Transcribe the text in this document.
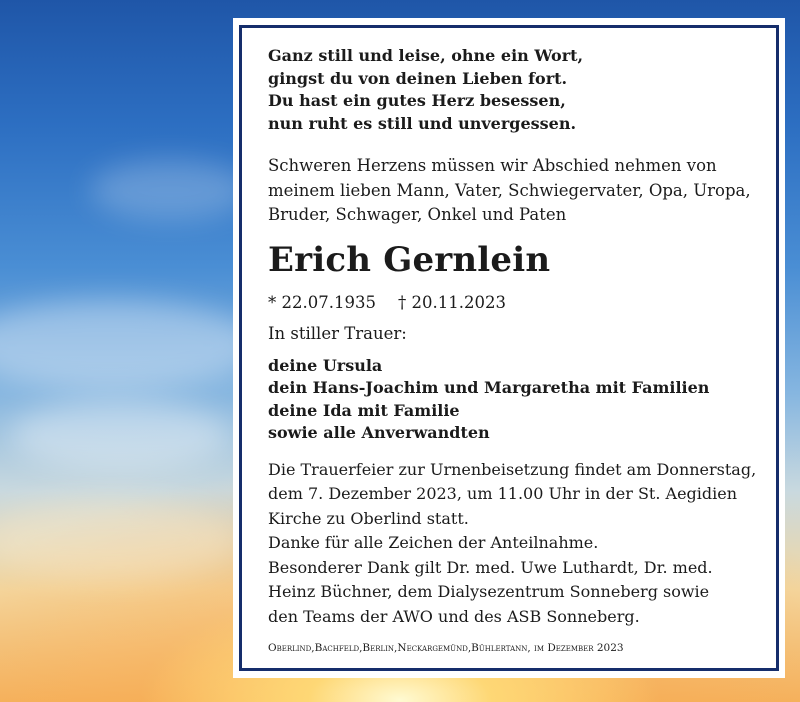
Ganz still und leise, ohne ein Wort,
gingst du von deinen Lieben fort.
Du hast ein gutes Herz besessen,
nun ruht es still und unvergessen.

Schweren Herzens müssen wir Abschied nehmen von
meinem lieben Mann, Vater, Schwiegervater, Opa, Uropa,
Bruder, Schwager, Onkel und Paten

Erich Gernlein

* 22.07.1935 † 20.11.2023

In stiller Trauer:

deine Ursula
dein Hans-Joachim und Margaretha mit Familien
deine Ida mit Familie
sowie alle Anverwandten

Die Trauerfeier zur Urnenbeisetzung findet am Donnerstag,
dem 7. Dezember 2023, um 11.00 Uhr in der St. Aegidien
Kirche zu Oberlind statt.
Danke für alle Zeichen der Anteilnahme.
Besonderer Dank gilt Dr. med. Uwe Luthardt, Dr. med.
Heinz Büchner, dem Dialysezentrum Sonneberg sowie
den Teams der AWO und des ASB Sonneberg.

Oberlind,Bachfeld,Berlin,Neckargemünd,Bühlertann, im Dezember 2023
